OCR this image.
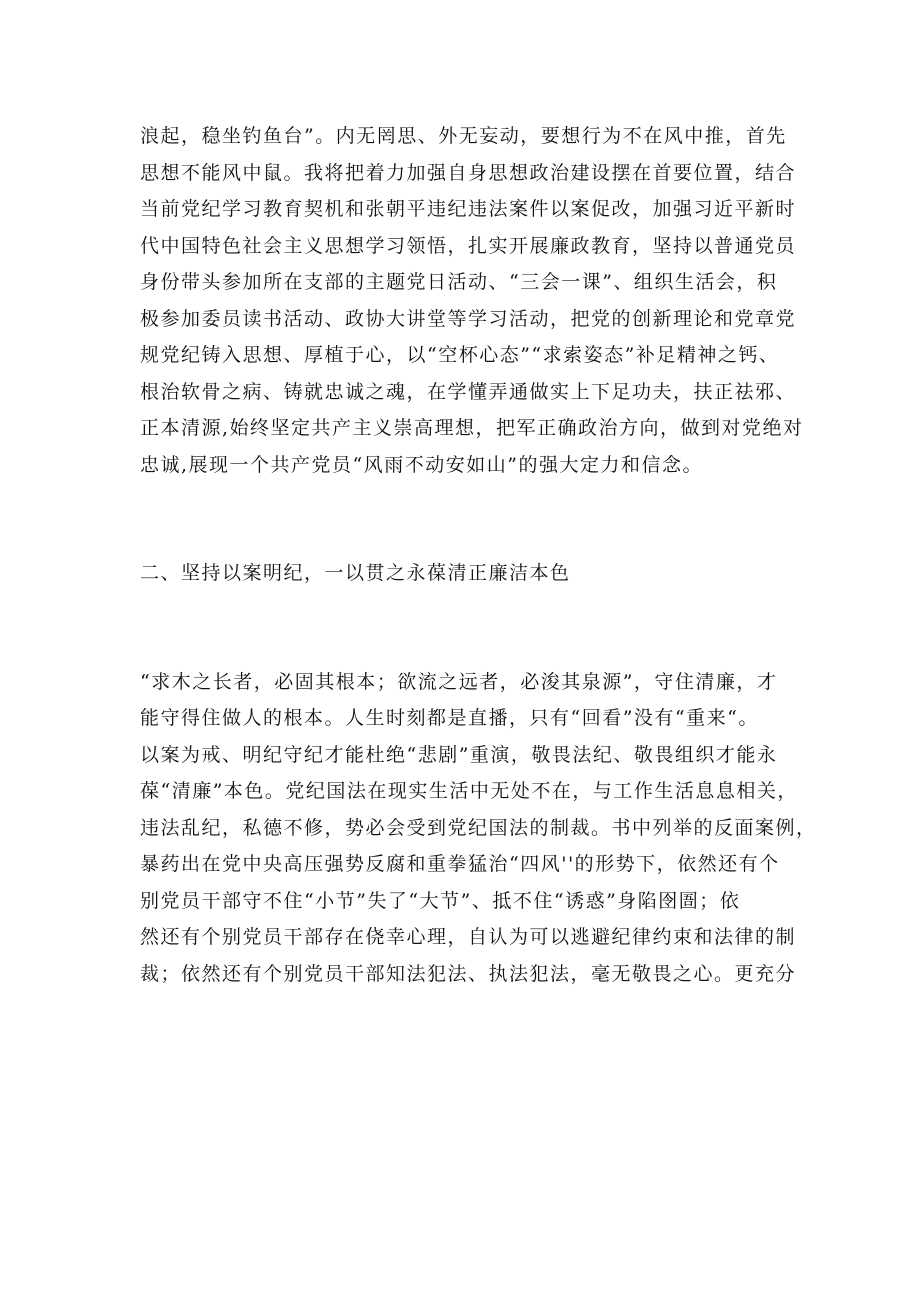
浪起，稳坐钓鱼台”。内无罔思、外无妄动，要想行为不在风中推，首先
思想不能风中鼠。我将把着力加强自身思想政治建设摆在首要位置，结合
当前党纪学习教育契机和张朝平违纪违法案件以案促改，加强习近平新时
代中国特色社会主义思想学习领悟，扎实开展廉政教育，坚持以普通党员
身份带头参加所在支部的主题党日活动、“三会一课”、组织生活会，积
极参加委员读书活动、政协大讲堂等学习活动，把党的创新理论和党章党
规党纪铸入思想、厚植于心，以“空杯心态”“求索姿态”补足精神之钙、
根治软骨之病、铸就忠诚之魂，在学懂弄通做实上下足功夫，扶正祛邪、
正本清源,始终坚定共产主义崇高理想，把军正确政治方向，做到对党绝对
忠诚,展现一个共产党员“风雨不动安如山”的强大定力和信念。
二、坚持以案明纪，一以贯之永葆清正廉洁本色
“求木之长者，必固其根本；欲流之远者，必浚其泉源”，守住清廉，才
能守得住做人的根本。人生时刻都是直播，只有“回看”没有“重来“。
以案为戒、明纪守纪才能杜绝“悲剧”重演，敬畏法纪、敬畏组织才能永
葆“清廉”本色。党纪国法在现实生活中无处不在，与工作生活息息相关，
违法乱纪，私德不修，势必会受到党纪国法的制裁。书中列举的反面案例，
暴药出在党中央高压强势反腐和重拳猛治“四风''的形势下，依然还有个
别党员干部守不住“小节”失了“大节”、抵不住“诱惑”身陷囹圄；依
然还有个别党员干部存在侥幸心理，自认为可以逃避纪律约束和法律的制
裁；依然还有个别党员干部知法犯法、执法犯法，毫无敬畏之心。更充分
